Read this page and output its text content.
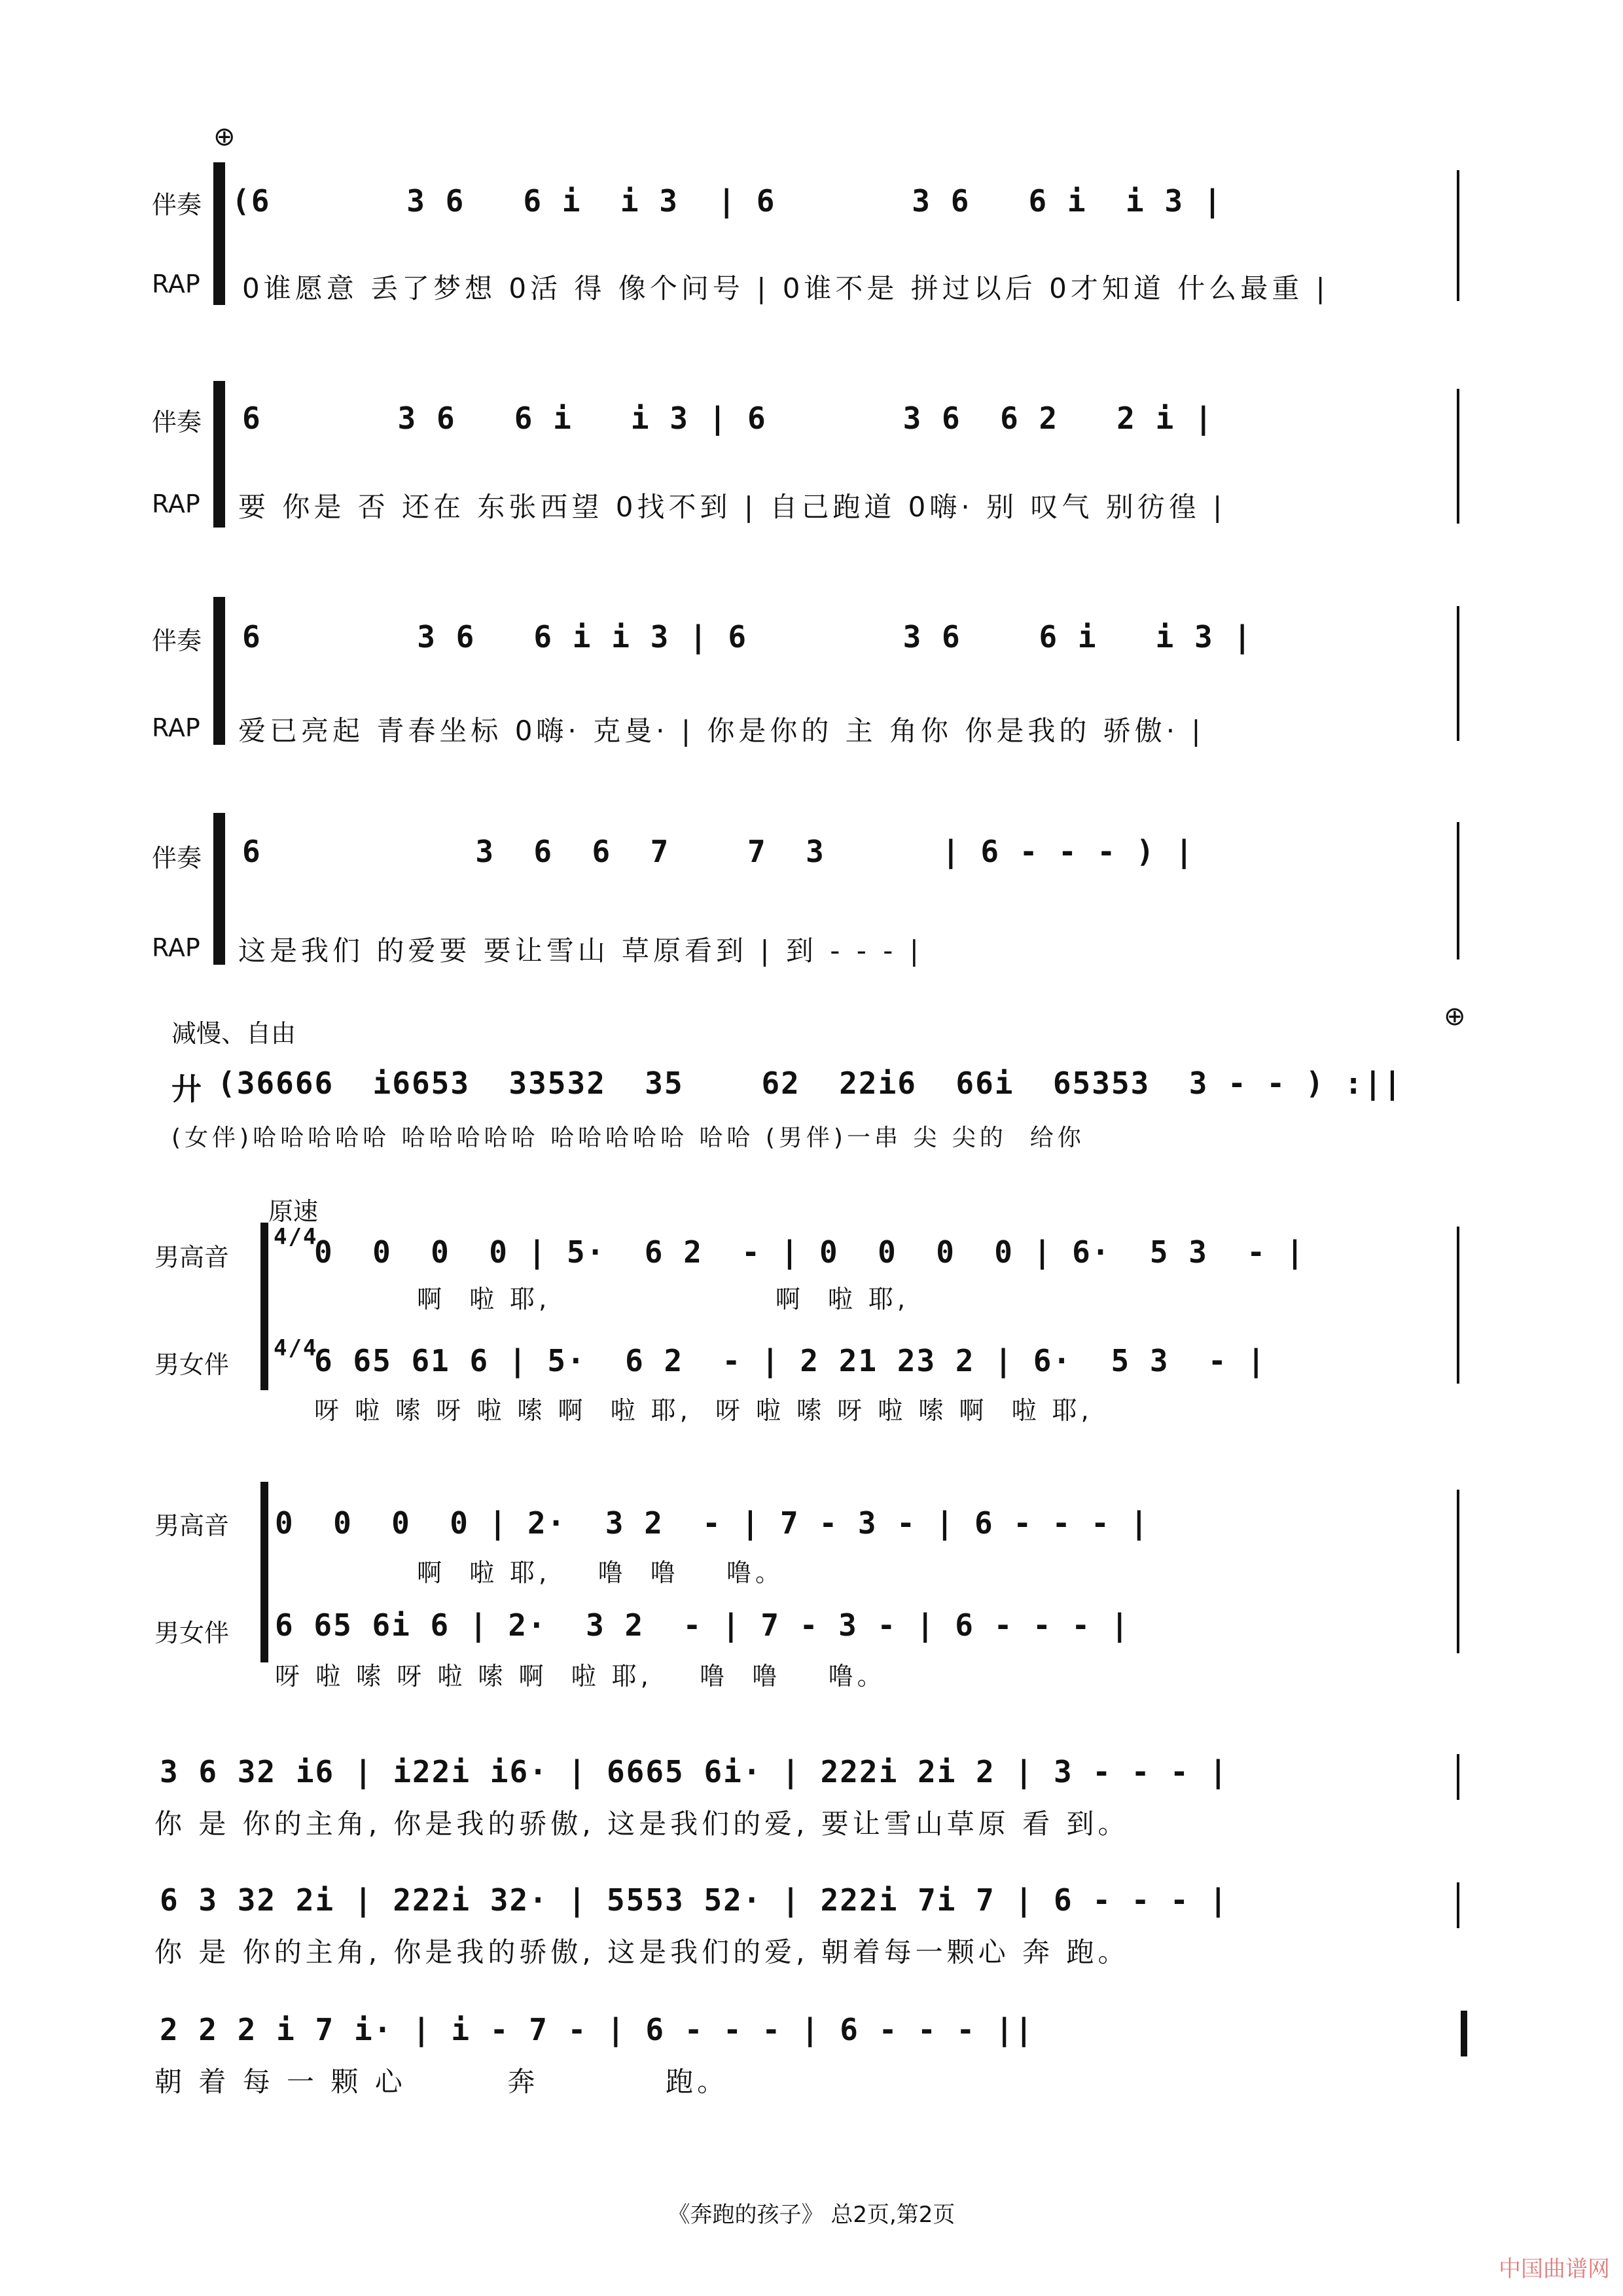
⊕
⊕
伴奏 (6       3 6   6 i  i 3  | 6       3 6   6 i  i 3 |
RAP 0谁愿意 丢了梦想 0活 得 像个问号 | 0谁不是 拼过以后 0才知道 什么最重 |
伴奏 6       3 6   6 i   i 3 | 6       3 6  6 2   2 i |
RAP 要 你是 否 还在 东张西望 0找不到 | 自己跑道 0嗨· 别 叹气 别彷徨 |
伴奏 6        3 6   6 i i 3 | 6        3 6    6 i   i 3 |
RAP 爱已亮起 青春坐标 0嗨· 克曼· | 你是你的 主 角你 你是我的 骄傲· |
伴奏 6           3  6  6  7    7  3      | 6 - - - ) |
RAP 这是我们 的爱要 要让雪山 草原看到 | 到 - - - |
减慢、自由
廾 (36666  i6653  33532  35    62  22i6  66i  65353  3 - - ) :||
(女伴)哈哈哈哈哈 哈哈哈哈哈 哈哈哈哈哈 哈哈 (男伴)一串 尖 尖的  给你
原速
男高音
4/4
0  0  0  0 | 5·  6 2  - | 0  0  0  0 | 6·  5 3  - |
啊  啦 耶,                   啊  啦 耶,
男女伴
4/4
6 65 61 6 | 5·  6 2  - | 2 21 23 2 | 6·  5 3  - |
呀 啦 嗦 呀 啦 嗦 啊  啦 耶,  呀 啦 嗦 呀 啦 嗦 啊  啦 耶,
男高音 0  0  0  0 | 2·  3 2  - | 7 - 3 - | 6 - - - |
啊  啦 耶,    噜  噜    噜。
男女伴 6 65 6i 6 | 2·  3 2  - | 7 - 3 - | 6 - - - |
呀 啦 嗦 呀 啦 嗦 啊  啦 耶,    噜  噜    噜。
3 6 32 i6 | i22i i6· | 6665 6i· | 222i 2i 2 | 3 - - - |
你 是 你的主角, 你是我的骄傲, 这是我们的爱, 要让雪山草原 看 到。
6 3 32 2i | 222i 32· | 5553 52· | 222i 7i 7 | 6 - - - |
你 是 你的主角, 你是我的骄傲, 这是我们的爱, 朝着每一颗心 奔 跑。
2 2 2 i 7 i· | i - 7 - | 6 - - - | 6 - - - ||
朝 着 每 一 颗 心        奔          跑。
《奔跑的孩子》 总2页,第2页
中国曲谱网
